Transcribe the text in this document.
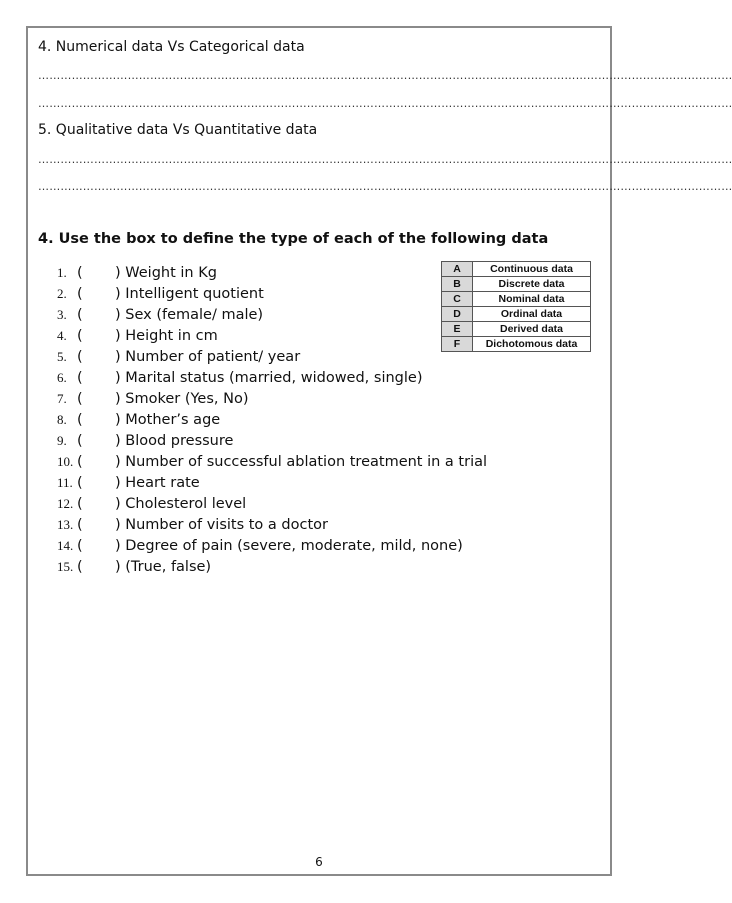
4. Numerical data Vs Categorical data
……………………………………………………………………………………………………………………………………………………………………
……………………………………………………………………………………………………………………………………………………………………
5. Qualitative data Vs Quantitative data
……………………………………………………………………………………………………………………………………………………………………
……………………………………………………………………………………………………………………………………………………………………
4. Use the box to define the type of each of the following data
1. ( ) Weight in Kg
2. ( ) Intelligent quotient
3. ( ) Sex (female/ male)
4. ( ) Height in cm
5. ( ) Number of patient/ year
6. ( ) Marital status (married, widowed, single)
7. ( ) Smoker (Yes, No)
8. ( ) Mother’s age
9. ( ) Blood pressure
10. ( ) Number of successful ablation treatment in a trial
11. ( ) Heart rate
12. ( ) Cholesterol level
13. ( ) Number of visits to a doctor
14. ( ) Degree of pain (severe, moderate, mild, none)
15. ( ) (True, false)
A	Continuous data
B	Discrete data
C	Nominal data
D	Ordinal data
E	Derived data
F	Dichotomous data
6
